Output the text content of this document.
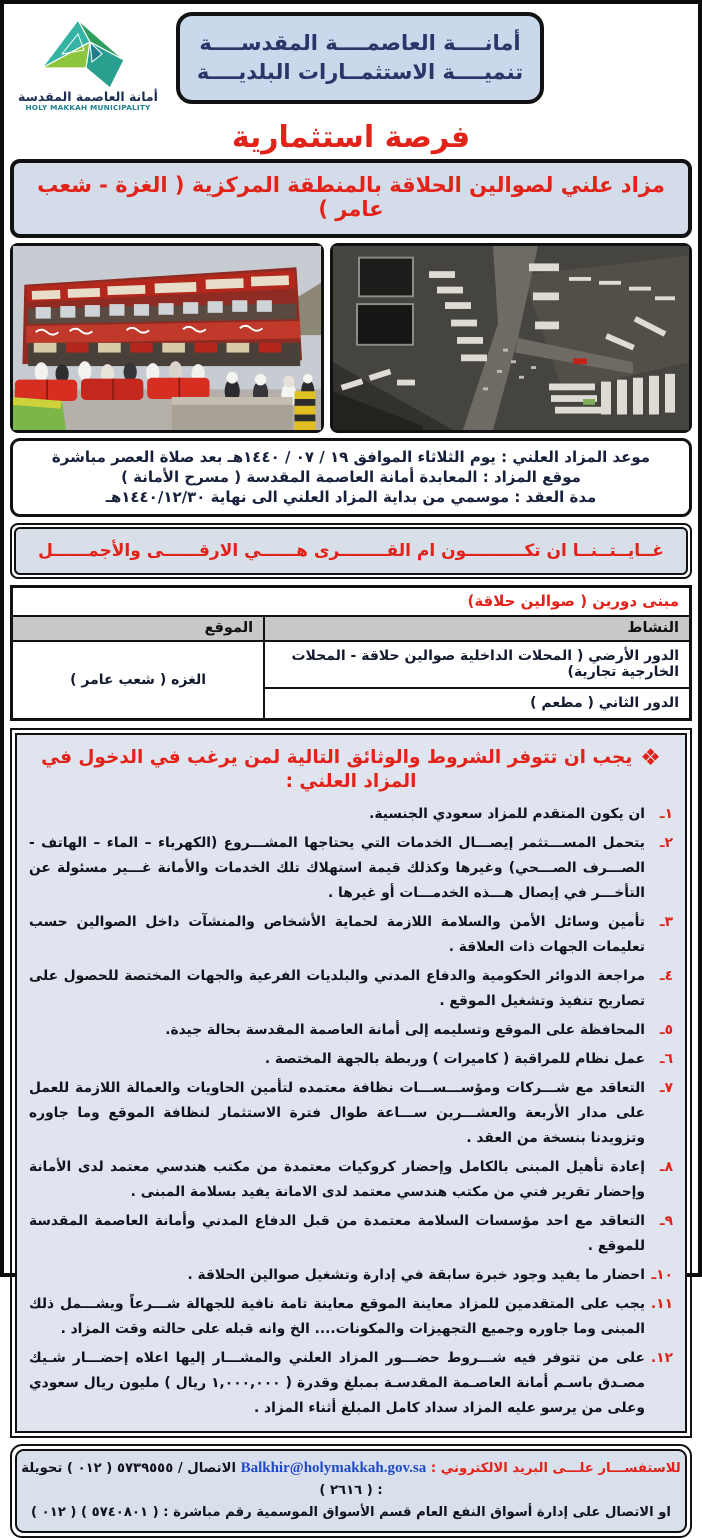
أمانــــة العاصمــــة المقدســــة
تنميــــة الاستثمــارات البلديــــة
أمانة العاصمة المقدسة
HOLY MAKKAH MUNICIPALITY
فرصة استثمارية
مزاد علني لصوالين الحلاقة بالمنطقة المركزية ( الغزة - شعب عامر )
موعد المزاد العلني : يوم الثلاثاء الموافق ١٩ / ٠٧ / ١٤٤٠هـ بعد صلاة العصر مباشرة
موقع المزاد : المعابدة أمانة العاصمة المقدسة ( مسرح الأمانة )
مدة العقد : موسمي من بداية المزاد العلني الى نهاية ١٤٤٠/١٢/٣٠هـ
غــايــتــنــا ان تكــــــــــون ام القــــــــرى هــــــي الارقــــــى والأجمــــــل
مبنى دورين ( صوالين حلاقة)
النشاط
الموقع
الدور الأرضي ( المحلات الداخلية صوالين حلاقة - المحلات الخارجية تجارية)
الدور الثاني ( مطعم )
الغزه ( شعب عامر )
❖يجب ان تتوفر الشروط والوثائق التالية لمن يرغب في الدخول في المزاد العلني :
١ـ
ان يكون المتقدم للمزاد سعودي الجنسية.
٢ـ
يتحمل المســـتثمر إيصـــال الخدمات التي يحتاجها المشـــروع (الكهرباء – الماء – الهاتف - الصـــرف الصـــحي) وغيرها وكذلك قيمة استهلاك تلك الخدمات والأمانة غـــير مسئولة عن التأخـــر في إيصال هـــذه الخدمـــات أو غيرها .
٣ـ
تأمين وسائل الأمن والسلامة اللازمة لحماية الأشخاص والمنشآت داخل الصوالين حسب تعليمات الجهات ذات العلاقة .
٤ـ
مراجعة الدوائر الحكومية والدفاع المدني والبلديات الفرعية والجهات المختصة للحصول على تصاريح تنفيذ وتشغيل الموقع .
٥ـ
المحافظة على الموقع وتسليمه إلى أمانة العاصمة المقدسة بحالة جيدة.
٦ـ
عمل نظام للمراقبة ( كاميرات ) وربطة بالجهة المختصة .
٧ـ
التعاقد مع شـــركات ومؤســـســـات نظافة معتمده لتأمين الحاويات والعمالة اللازمة للعمل على مدار الأربعة والعشـــرين ســـاعة طوال فترة الاستثمار لنظافة الموقع وما جاوره وتزويدنا بنسخة من العقد .
٨ـ
إعادة تأهيل المبنى بالكامل وإحضار كروكيات معتمدة من مكتب هندسي معتمد لدى الأمانة وإحضار تقرير فني من مكتب هندسي معتمد لدى الامانة يفيد بسلامة المبنى .
٩ـ
التعاقد مع احد مؤسسات السلامة معتمدة من قبل الدفاع المدني وأمانة العاصمة المقدسة للموقع .
١٠ـ
احضار ما يفيد وجود خبرة سابقة في إدارة وتشغيل صوالين الحلاقة .
١١.
يجب على المتقدمين للمزاد معاينة الموقع معاينة تامة نافية للجهالة شـــرعاً ويشـــمل ذلك المبنى وما جاوره وجميع التجهيزات والمكونات.... الخ وانه قبله على حالته وقت المزاد .
١٢.
على من تتوفر فيه شـــروط حضـــور المزاد العلني والمشـــار إليها اعلاه إحضـــار شـيك مصـدق باسـم أمانة العاصـمة المقدسـة بمبلغ وقدرة ( ١,٠٠٠,٠٠٠ ريال ) مليون ريال سعودي وعلى من يرسو عليه المزاد سداد كامل المبلغ أثناء المزاد .
للاستفســـار علـــى البريد الالكتروني : Balkhir@holymakkah.gov.sa الاتصال / ٥٧٣٩٥٥٥ ( ٠١٢ ) تحويلة : ( ٢٦١٦ )
او الاتصال على إدارة أسواق النفع العام قسم الأسواق الموسمية رقم مباشرة : ( ٥٧٤٠٨٠١ ) ( ٠١٢ )
